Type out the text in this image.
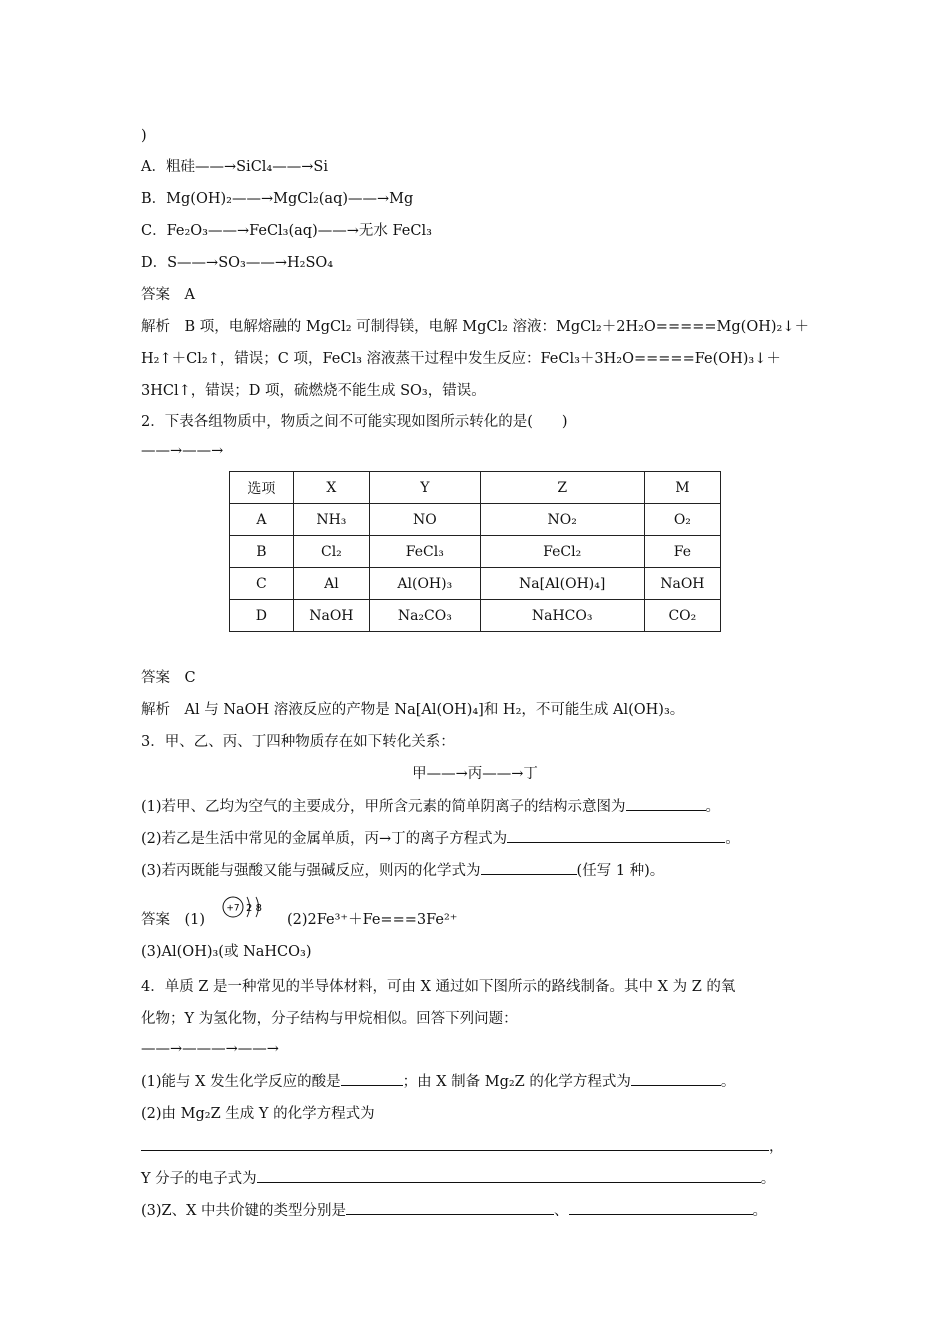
)
A．粗硅——→SiCl₄——→Si
B．Mg(OH)₂——→MgCl₂(aq)——→Mg
C．Fe₂O₃——→FeCl₃(aq)——→无水 FeCl₃
D．S——→SO₃——→H₂SO₄
答案　A
解析　B 项，电解熔融的 MgCl₂ 可制得镁，电解 MgCl₂ 溶液：MgCl₂＋2H₂O=====Mg(OH)₂↓＋
H₂↑＋Cl₂↑，错误；C 项，FeCl₃ 溶液蒸干过程中发生反应：FeCl₃＋3H₂O=====Fe(OH)₃↓＋
3HCl↑，错误；D 项，硫燃烧不能生成 SO₃，错误。
2．下表各组物质中，物质之间不可能实现如图所示转化的是(　　)
——→——→
选项	X	Y	Z	M
A	NH₃	NO	NO₂	O₂
B	Cl₂	FeCl₃	FeCl₂	Fe
C	Al	Al(OH)₃	Na[Al(OH)₄]	NaOH
D	NaOH	Na₂CO₃	NaHCO₃	CO₂
答案　C
解析　Al 与 NaOH 溶液反应的产物是 Na[Al(OH)₄]和 H₂，不可能生成 Al(OH)₃。
3．甲、乙、丙、丁四种物质存在如下转化关系：
甲——→丙——→丁
(1)若甲、乙均为空气的主要成分，甲所含元素的简单阴离子的结构示意图为	。
(2)若乙是生活中常见的金属单质，丙→丁的离子方程式为	。
(3)若丙既能与强酸又能与强碱反应，则丙的化学式为	(任写 1 种)。
答案　(1)
+7 2 8
(2)2Fe³⁺＋Fe===3Fe²⁺
(3)Al(OH)₃(或 NaHCO₃)
4．单质 Z 是一种常见的半导体材料，可由 X 通过如下图所示的路线制备。其中 X 为 Z 的氧
化物；Y 为氢化物，分子结构与甲烷相似。回答下列问题：
——→———→——→
(1)能与 X 发生化学反应的酸是	；由 X 制备 Mg₂Z 的化学方程式为	。
(2)由 Mg₂Z 生成 Y 的化学方程式为
，
Y 分子的电子式为	。
(3)Z、X 中共价键的类型分别是	、	。
